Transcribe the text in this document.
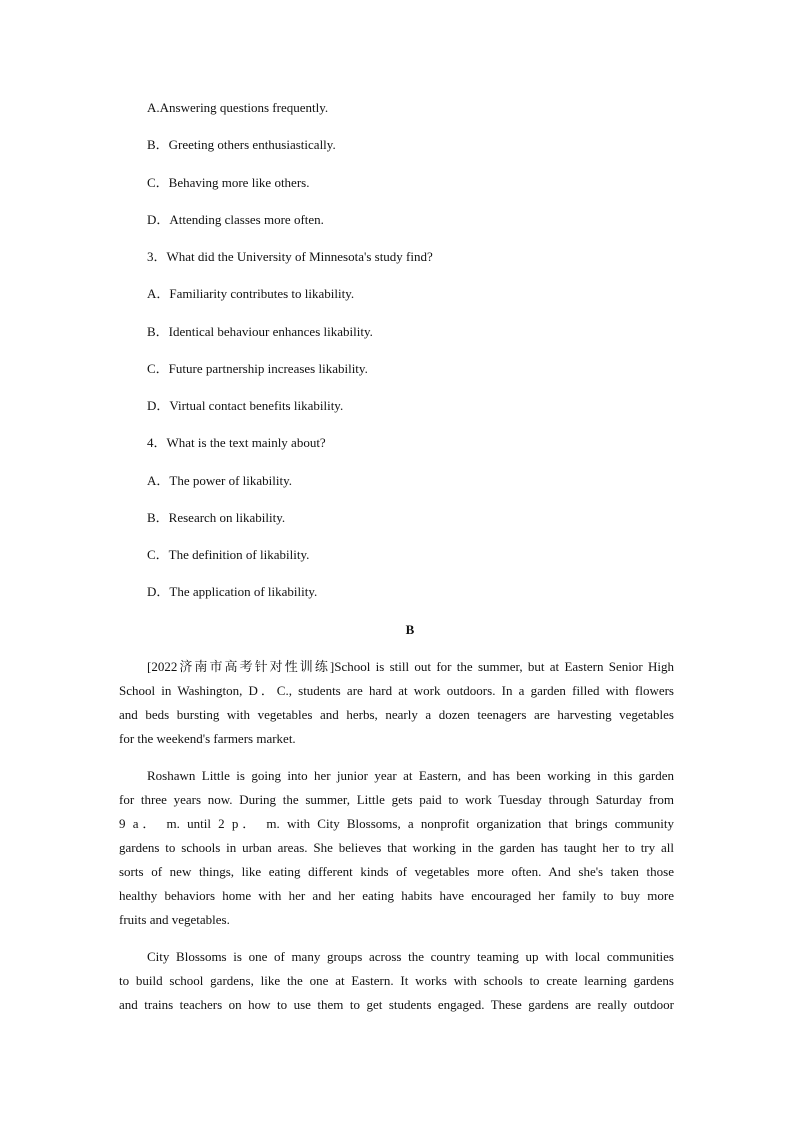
A.Answering questions frequently.
B．Greeting others enthusiastically.
C．Behaving more like others.
D．Attending classes more often.
3．What did the University of Minnesota's study find?
A．Familiarity contributes to likability.
B．Identical behaviour enhances likability.
C．Future partnership increases likability.
D．Virtual contact benefits likability.
4．What is the text mainly about?
A．The power of likability.
B．Research on likability.
C．The definition of likability.
D．The application of likability.
B
[2022济南市高考针对性训练]School is still out for the summer, but at Eastern Senior High
School in Washington, D．C., students are hard at work outdoors. In a garden filled with flowers
and beds bursting with vegetables and herbs, nearly a dozen teenagers are harvesting vegetables
for the weekend's farmers market.
Roshawn Little is going into her junior year at Eastern, and has been working in this garden
for three years now. During the summer, Little gets paid to work Tuesday through Saturday from
9 a． m. until 2 p． m. with City Blossoms, a nonprofit organization that brings community
gardens to schools in urban areas. She believes that working in the garden has taught her to try all
sorts of new things, like eating different kinds of vegetables more often. And she's taken those
healthy behaviors home with her and her eating habits have encouraged her family to buy more
fruits and vegetables.
City Blossoms is one of many groups across the country teaming up with local communities
to build school gardens, like the one at Eastern. It works with schools to create learning gardens
and trains teachers on how to use them to get students engaged. These gardens are really outdoor
